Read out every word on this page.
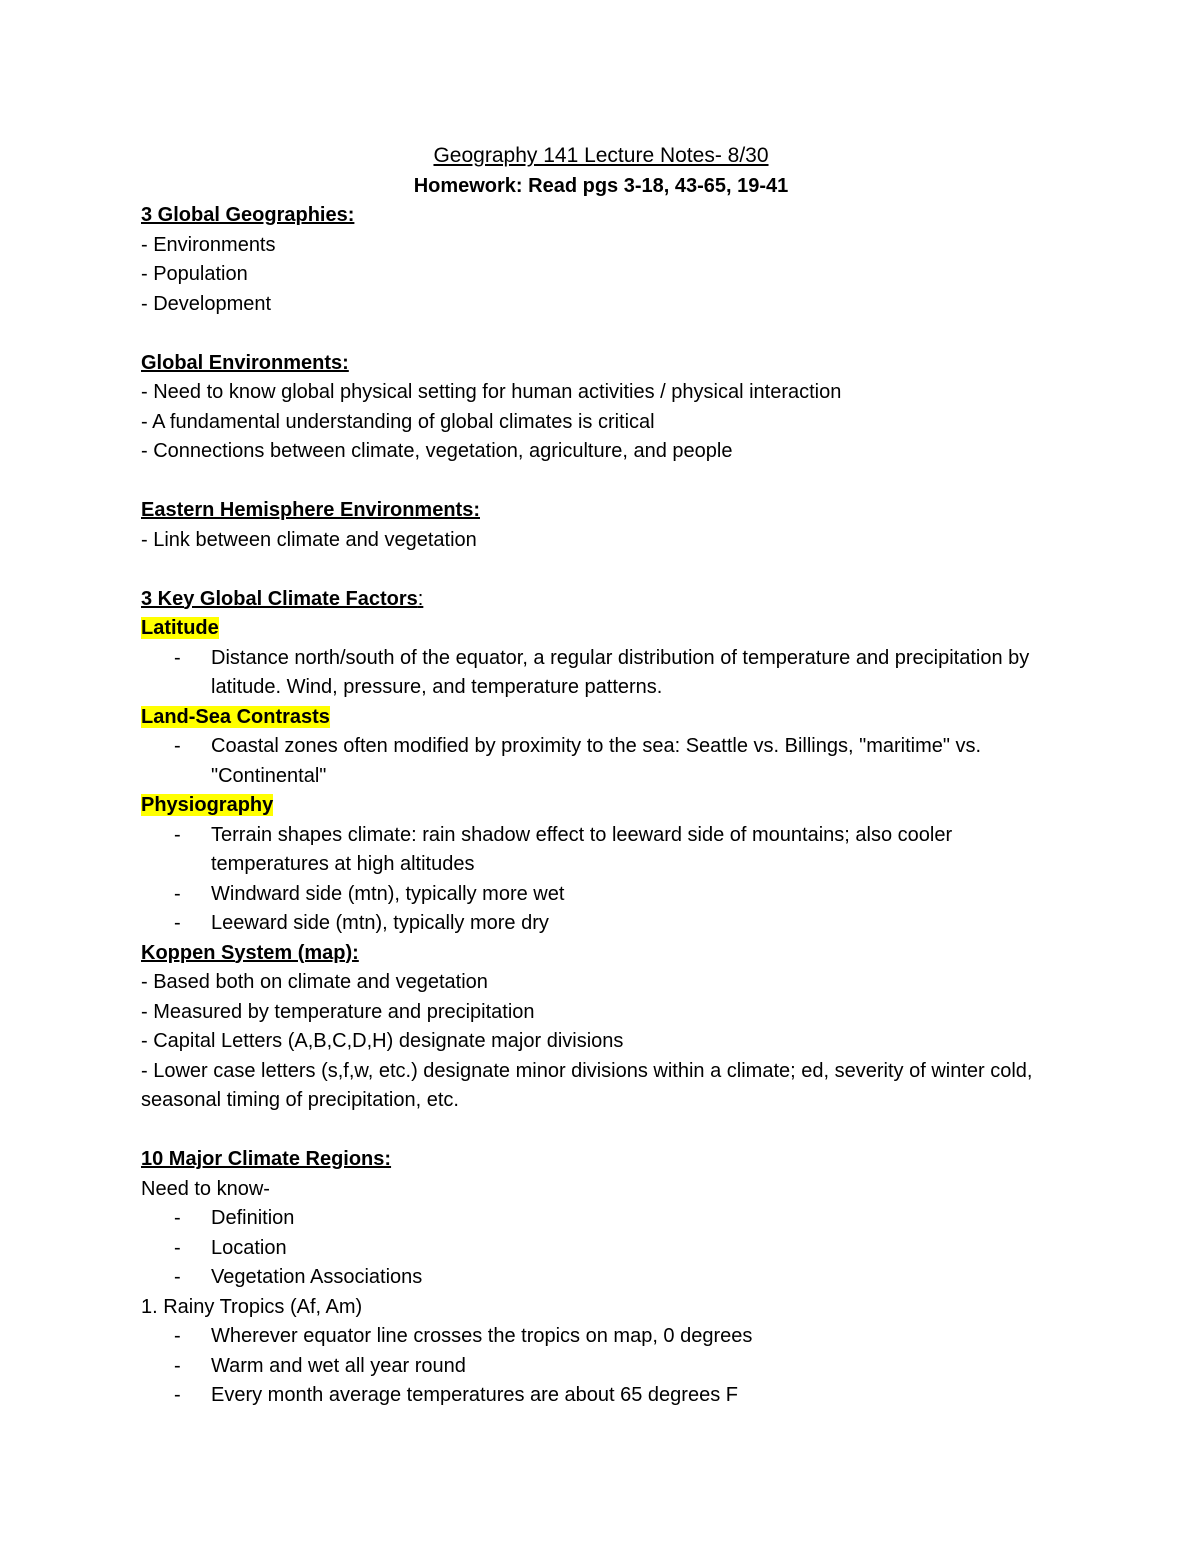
Geography 141 Lecture Notes- 8/30
Homework: Read pgs 3-18, 43-65, 19-41
3 Global Geographies:
- Environments
- Population
- Development
Global Environments:
- Need to know global physical setting for human activities / physical interaction
- A fundamental understanding of global climates is critical
- Connections between climate, vegetation, agriculture, and people
Eastern Hemisphere Environments:
- Link between climate and vegetation
3 Key Global Climate Factors:
Latitude
- Distance north/south of the equator, a regular distribution of temperature and precipitation by latitude. Wind, pressure, and temperature patterns.
Land-Sea Contrasts
- Coastal zones often modified by proximity to the sea: Seattle vs. Billings, "maritime" vs. "Continental"
Physiography
- Terrain shapes climate: rain shadow effect to leeward side of mountains; also cooler temperatures at high altitudes
- Windward side (mtn), typically more wet
- Leeward side (mtn), typically more dry
Koppen System (map):
- Based both on climate and vegetation
- Measured by temperature and precipitation
- Capital Letters (A,B,C,D,H) designate major divisions
- Lower case letters (s,f,w, etc.) designate minor divisions within a climate; ed, severity of winter cold, seasonal timing of precipitation, etc.
10 Major Climate Regions:
Need to know-
- Definition
- Location
- Vegetation Associations
1. Rainy Tropics (Af, Am)
- Wherever equator line crosses the tropics on map, 0 degrees
- Warm and wet all year round
- Every month average temperatures are about 65 degrees F
